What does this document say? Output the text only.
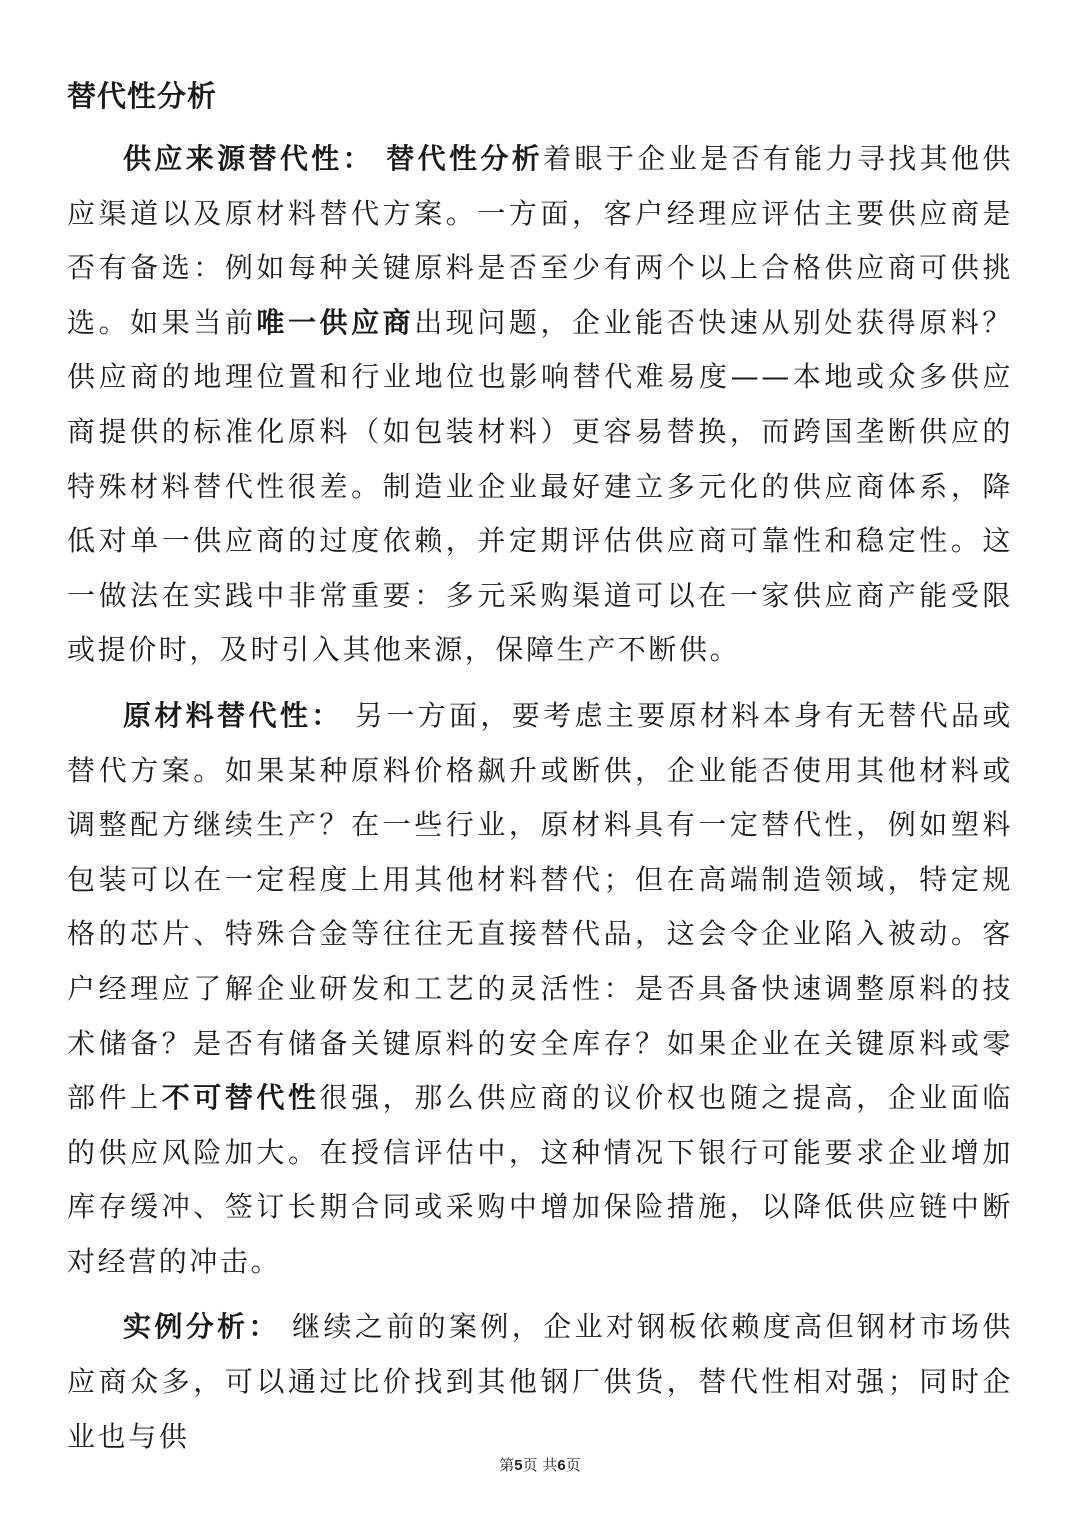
替代性分析

供应来源替代性： 替代性分析着眼于企业是否有能力寻找其他供应渠道以及原材料替代方案。一方面，客户经理应评估主要供应商是否有备选：例如每种关键原料是否至少有两个以上合格供应商可供挑选。如果当前唯一供应商出现问题，企业能否快速从别处获得原料？供应商的地理位置和行业地位也影响替代难易度——本地或众多供应商提供的标准化原料（如包装材料）更容易替换，而跨国垄断供应的特殊材料替代性很差。制造业企业最好建立多元化的供应商体系，降低对单一供应商的过度依赖，并定期评估供应商可靠性和稳定性。这一做法在实践中非常重要：多元采购渠道可以在一家供应商产能受限或提价时，及时引入其他来源，保障生产不断供。

原材料替代性： 另一方面，要考虑主要原材料本身有无替代品或替代方案。如果某种原料价格飙升或断供，企业能否使用其他材料或调整配方继续生产？在一些行业，原材料具有一定替代性，例如塑料包装可以在一定程度上用其他材料替代；但在高端制造领域，特定规格的芯片、特殊合金等往往无直接替代品，这会令企业陷入被动。客户经理应了解企业研发和工艺的灵活性：是否具备快速调整原料的技术储备？是否有储备关键原料的安全库存？如果企业在关键原料或零部件上不可替代性很强，那么供应商的议价权也随之提高，企业面临的供应风险加大。在授信评估中，这种情况下银行可能要求企业增加库存缓冲、签订长期合同或采购中增加保险措施，以降低供应链中断对经营的冲击。

实例分析： 继续之前的案例，企业对钢板依赖度高但钢材市场供应商众多，可以通过比价找到其他钢厂供货，替代性相对强；同时企业也与供

第5页 共6页
